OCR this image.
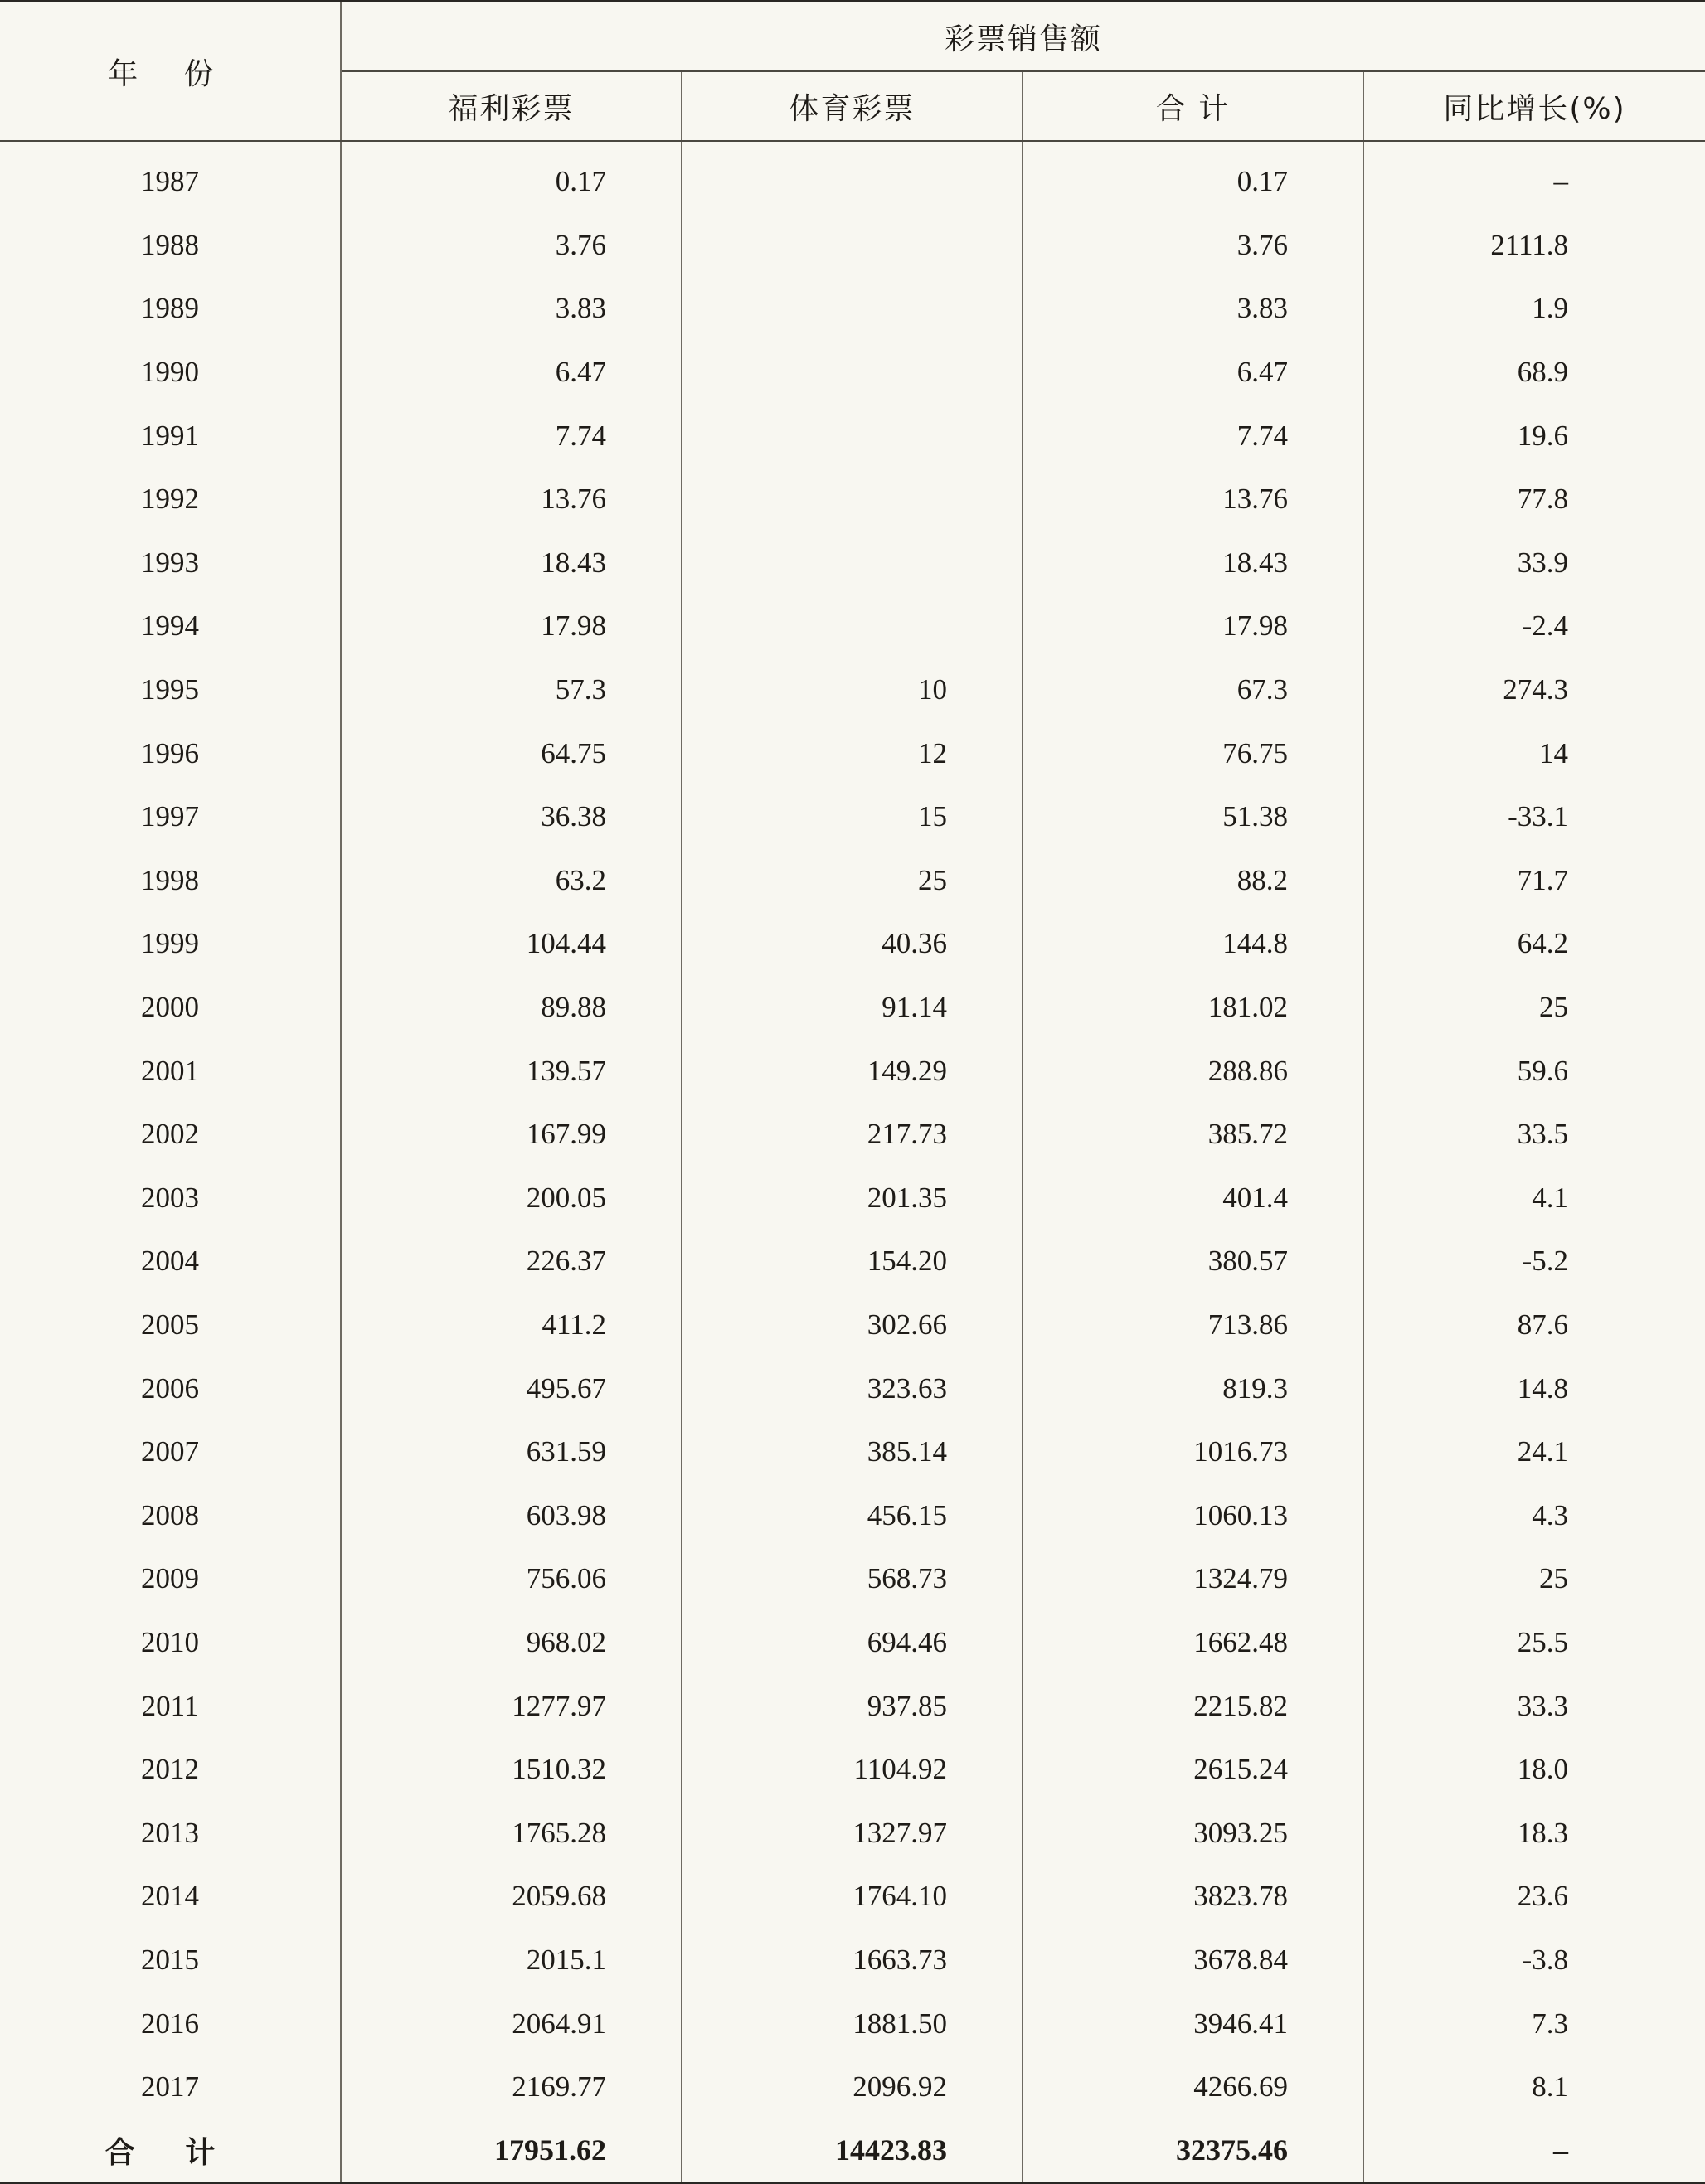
年 份	彩票销售额			
	福利彩票	体育彩票	合 计	同比增长(%)
1987	0.17		0.17	–
1988	3.76		3.76	2111.8
1989	3.83		3.83	1.9
1990	6.47		6.47	68.9
1991	7.74		7.74	19.6
1992	13.76		13.76	77.8
1993	18.43		18.43	33.9
1994	17.98		17.98	-2.4
1995	57.3	10	67.3	274.3
1996	64.75	12	76.75	14
1997	36.38	15	51.38	-33.1
1998	63.2	25	88.2	71.7
1999	104.44	40.36	144.8	64.2
2000	89.88	91.14	181.02	25
2001	139.57	149.29	288.86	59.6
2002	167.99	217.73	385.72	33.5
2003	200.05	201.35	401.4	4.1
2004	226.37	154.20	380.57	-5.2
2005	411.2	302.66	713.86	87.6
2006	495.67	323.63	819.3	14.8
2007	631.59	385.14	1016.73	24.1
2008	603.98	456.15	1060.13	4.3
2009	756.06	568.73	1324.79	25
2010	968.02	694.46	1662.48	25.5
2011	1277.97	937.85	2215.82	33.3
2012	1510.32	1104.92	2615.24	18.0
2013	1765.28	1327.97	3093.25	18.3
2014	2059.68	1764.10	3823.78	23.6
2015	2015.1	1663.73	3678.84	-3.8
2016	2064.91	1881.50	3946.41	7.3
2017	2169.77	2096.92	4266.69	8.1
合 计	17951.62	14423.83	32375.46	–
